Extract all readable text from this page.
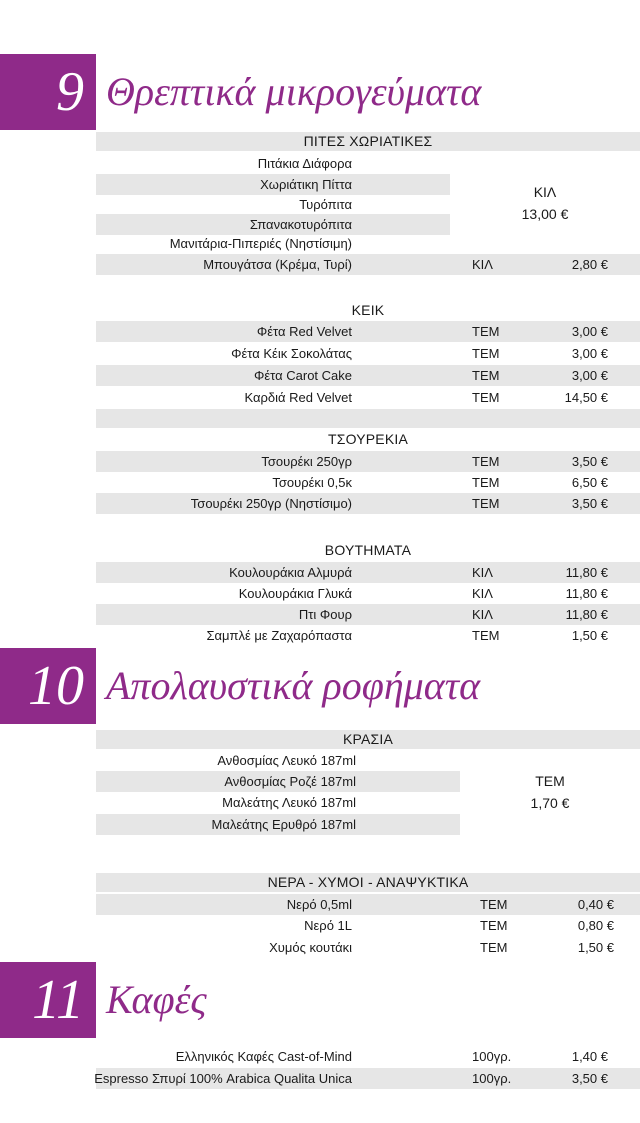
9 Θρεπτικά μικρογεύματα
ΠΙΤΕΣ ΧΩΡΙΑΤΙΚΕΣ
Πιτάκια Διάφορα
Χωριάτικη Πίττα
Τυρόπιτα
Σπανακοτυρόπιτα
Μανιτάρια-Πιπεριές (Νηστίσιμη)
ΚΙΛ
13,00 €
Μπουγάτσα (Κρέμα, Τυρί)	ΚΙΛ	2,80 €
ΚΕΙΚ
Φέτα Red Velvet	ΤΕΜ	3,00 €
Φέτα Κέικ Σοκολάτας	ΤΕΜ	3,00 €
Φέτα Carot Cake	ΤΕΜ	3,00 €
Καρδιά Red Velvet	ΤΕΜ	14,50 €
ΤΣΟΥΡΕΚΙΑ
Τσουρέκι 250γρ	ΤΕΜ	3,50 €
Τσουρέκι 0,5κ	ΤΕΜ	6,50 €
Τσουρέκι 250γρ (Νηστίσιμο)	ΤΕΜ	3,50 €
ΒΟΥΤΗΜΑΤΑ
Κουλουράκια Αλμυρά	ΚΙΛ	11,80 €
Κουλουράκια Γλυκά	ΚΙΛ	11,80 €
Πτι Φουρ	ΚΙΛ	11,80 €
Σαμπλέ με Ζαχαρόπαστα	ΤΕΜ	1,50 €
10 Απολαυστικά ροφήματα
ΚΡΑΣΙΑ
Ανθοσμίας Λευκό 187ml
Ανθοσμίας Ροζέ 187ml
Μαλεάτης Λευκό 187ml
Μαλεάτης Ερυθρό 187ml
ΤΕΜ
1,70 €
ΝΕΡΑ - ΧΥΜΟΙ - ΑΝΑΨΥΚΤΙΚΑ
Νερό 0,5ml	ΤΕΜ	0,40 €
Νερό 1L	ΤΕΜ	0,80 €
Χυμός κουτάκι	ΤΕΜ	1,50 €
11 Καφές
Ελληνικός Καφές Cast-of-Mind	100γρ.	1,40 €
Espresso Σπυρί 100% Arabica Qualita Unica	100γρ.	3,50 €
